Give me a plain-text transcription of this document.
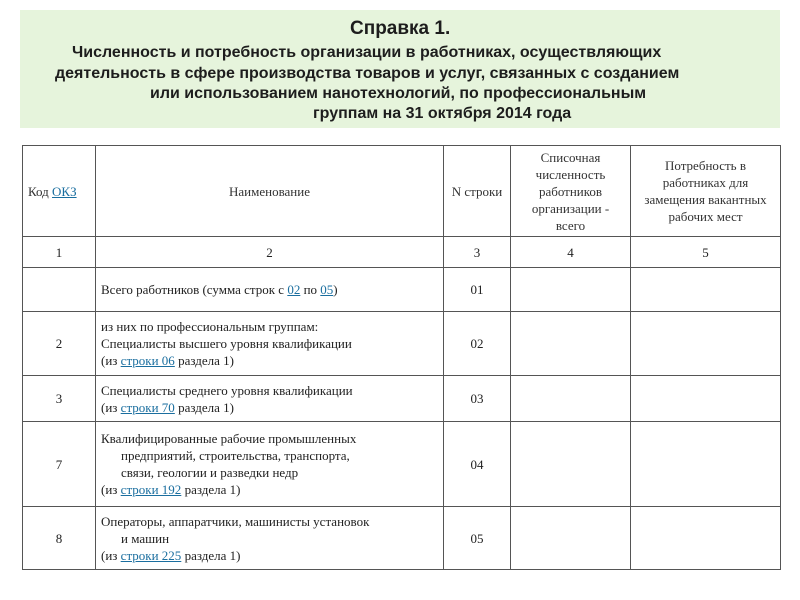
Справка 1.
Численность и потребность организации в работниках, осуществляющих
деятельность в сфере производства товаров и услуг, связанных с созданием
или использованием нанотехнологий, по профессиональным
группам на 31 октября 2014 года
Код ОКЗ	Наименование	N строки	Списочная численность работников организации - всего	Потребность в работниках для замещения вакантных рабочих мест
1	2	3	4	5
	Всего работников (сумма строк с 02 по 05)	01		
2	из них по профессиональным группам:
Специалисты высшего уровня квалификации
(из строки 06 раздела 1)	02		
3	Специалисты среднего уровня квалификации
(из строки 70 раздела 1)	03		
7	Квалифицированные рабочие промышленных
предприятий, строительства, транспорта,
связи, геологии и разведки недр
(из строки 192 раздела 1)	04		
8	Операторы, аппаратчики, машинисты установок
и машин
(из строки 225 раздела 1)	05		
